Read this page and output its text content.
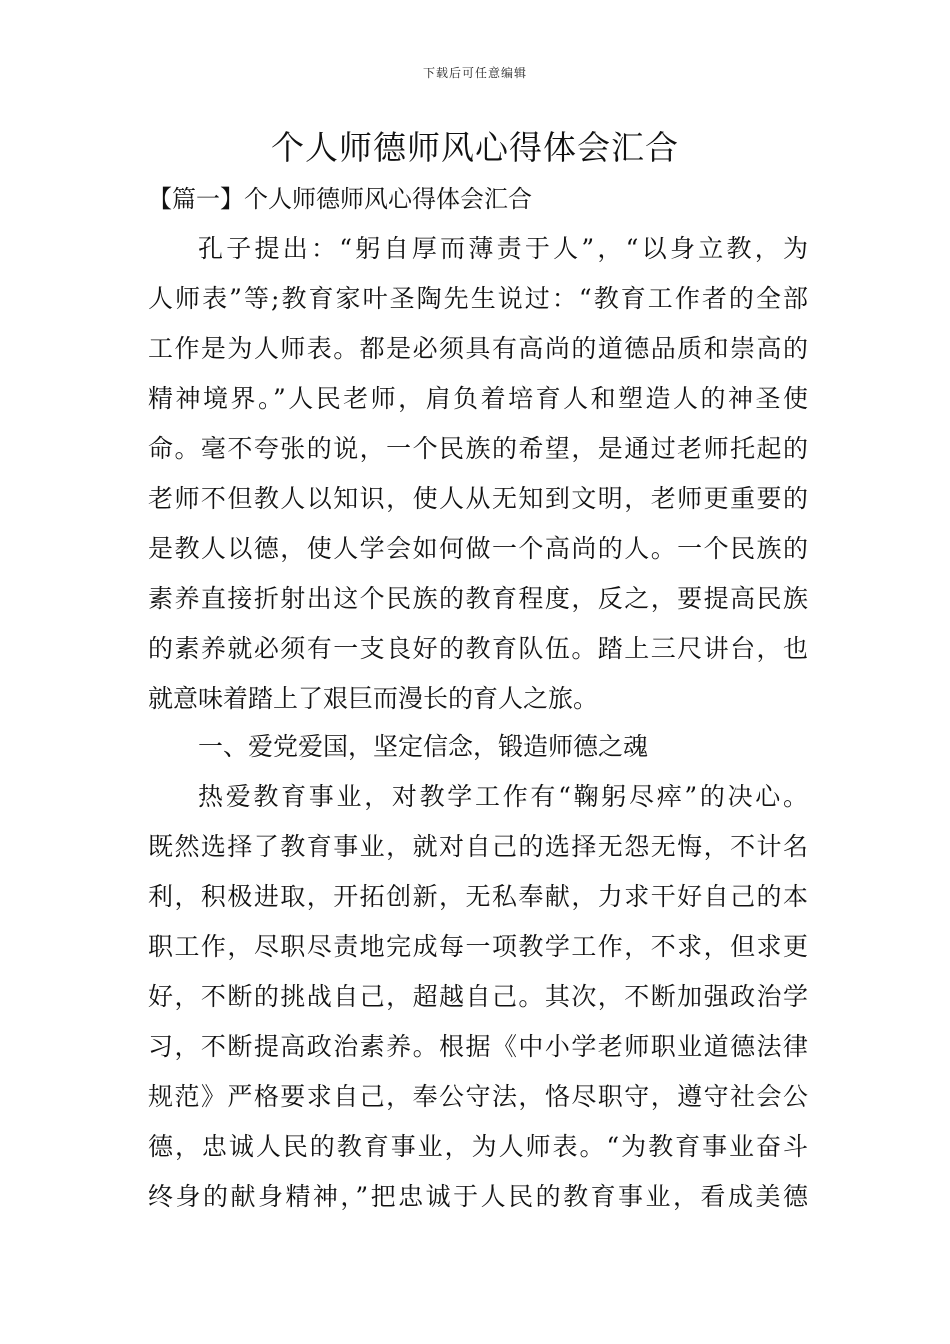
下载后可任意编辑
个人师德师风心得体会汇合
【篇一】个人师德师风心得体会汇合
孔子提出：“躬自厚而薄责于人”，“以身立教，为
人师表”等;教育家叶圣陶先生说过：“教育工作者的全部
工作是为人师表。都是必须具有高尚的道德品质和崇高的
精神境界。”人民老师，肩负着培育人和塑造人的神圣使
命。毫不夸张的说，一个民族的希望，是通过老师托起的
老师不但教人以知识，使人从无知到文明，老师更重要的
是教人以德，使人学会如何做一个高尚的人。一个民族的
素养直接折射出这个民族的教育程度，反之，要提高民族
的素养就必须有一支良好的教育队伍。踏上三尺讲台，也
就意味着踏上了艰巨而漫长的育人之旅。
一、爱党爱国，坚定信念，锻造师德之魂
热爱教育事业，对教学工作有“鞠躬尽瘁”的决心。
既然选择了教育事业，就对自己的选择无怨无悔，不计名
利，积极进取，开拓创新，无私奉献，力求干好自己的本
职工作，尽职尽责地完成每一项教学工作，不求，但求更
好，不断的挑战自己，超越自己。其次，不断加强政治学
习，不断提高政治素养。根据《中小学老师职业道德法律
规范》严格要求自己，奉公守法，恪尽职守，遵守社会公
德，忠诚人民的教育事业，为人师表。“为教育事业奋斗
终身的献身精神，”把忠诚于人民的教育事业，看成美德
